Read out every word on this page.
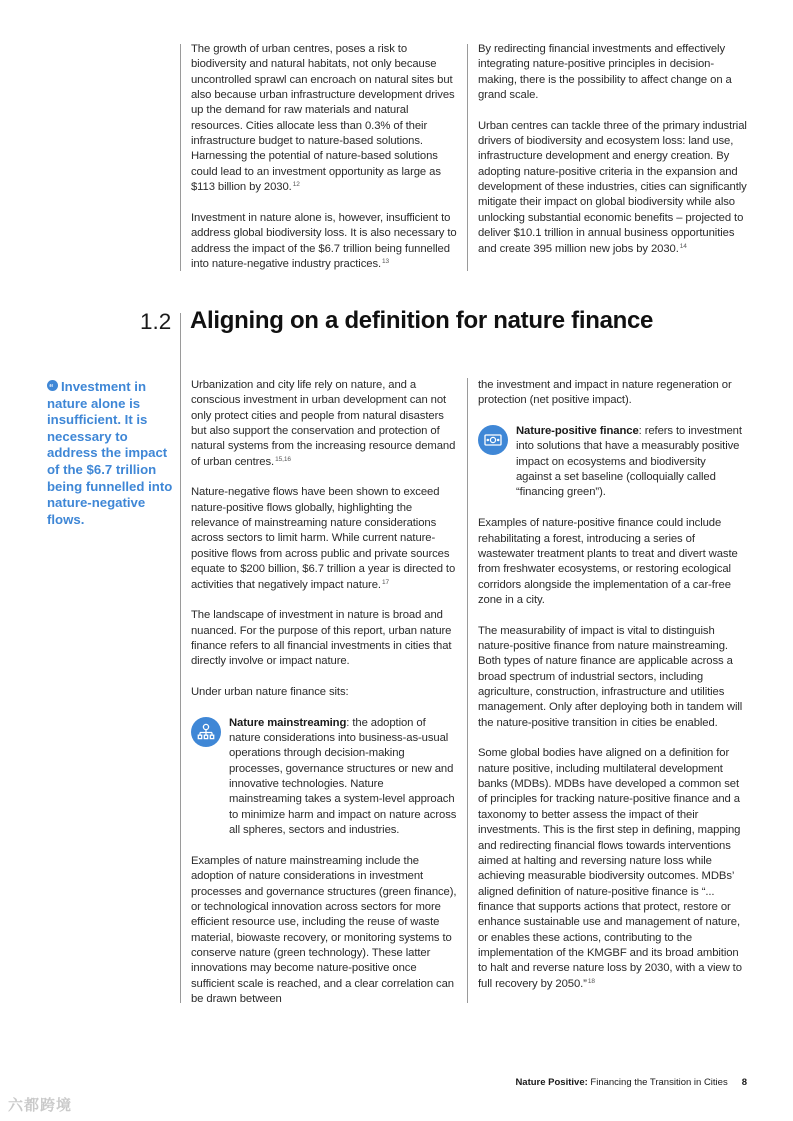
The growth of urban centres, poses a risk to biodiversity and natural habitats, not only because uncontrolled sprawl can encroach on natural sites but also because urban infrastructure development drives up the demand for raw materials and natural resources. Cities allocate less than 0.3% of their infrastructure budget to nature-based solutions. Harnessing the potential of nature-based solutions could lead to an investment opportunity as large as $113 billion by 2030.12

Investment in nature alone is, however, insufficient to address global biodiversity loss. It is also necessary to address the impact of the $6.7 trillion being funnelled into nature-negative industry practices.$^{13}$

By redirecting financial investments and effectively integrating nature-positive principles in decision-making, there is the possibility to affect change on a grand scale.

Urban centres can tackle three of the primary industrial drivers of biodiversity and ecosystem loss: land use, infrastructure development and energy creation. By adopting nature-positive criteria in the expansion and development of these industries, cities can significantly mitigate their impact on global biodiversity while also unlocking substantial economic benefits – projected to deliver $10.1 trillion in annual business opportunities and create 395 million new jobs by 2030.14

1.2 Aligning on a definition for nature finance
“ Investment in nature alone is insufficient. It is necessary to address the impact of the $6.7 trillion being funnelled into nature-negative flows.

Urbanization and city life rely on nature, and a conscious investment in urban development can not only protect cities and people from natural disasters but also support the conservation and protection of natural systems from the increasing resource demand of urban centres.$^{15,16}$

Nature-negative flows have been shown to exceed nature-positive flows globally, highlighting the relevance of mainstreaming nature considerations across sectors to limit harm. While current nature-positive flows from across public and private sources equate to $200 billion, $6.7 trillion a year is directed to activities that negatively impact nature.$^{17}$

The landscape of investment in nature is broad and nuanced. For the purpose of this report, urban nature finance refers to all financial investments in cities that directly involve or impact nature.

Under urban nature finance sits:

Nature mainstreaming: the adoption of nature considerations into business-as-usual operations through decision-making processes, governance structures or new and innovative technologies. Nature mainstreaming takes a system-level approach to minimize harm and impact on nature across all spheres, sectors and industries.

Examples of nature mainstreaming include the adoption of nature considerations in investment processes and governance structures (green finance), or technological innovation across sectors for more efficient resource use, including the reuse of waste material, biowaste recovery, or monitoring systems to conserve nature (green technology). These latter innovations may become nature-positive once sufficient scale is reached, and a clear correlation can be drawn between

the investment and impact in nature regeneration or protection (net positive impact).

Nature-positive finance: refers to investment into solutions that have a measurably positive impact on ecosystems and biodiversity against a set baseline (colloquially called “financing green”).

Examples of nature-positive finance could include rehabilitating a forest, introducing a series of wastewater treatment plants to treat and divert waste from freshwater ecosystems, or restoring ecological corridors alongside the implementation of a car-free zone in a city.

The measurability of impact is vital to distinguish nature-positive finance from nature mainstreaming. Both types of nature finance are applicable across a broad spectrum of industrial sectors, including agriculture, construction, infrastructure and utilities management. Only after deploying both in tandem will the nature-positive transition in cities be enabled.

Some global bodies have aligned on a definition for nature positive, including multilateral development banks (MDBs). MDBs have developed a common set of principles for tracking nature-positive finance and a taxonomy to better assess the impact of their investments. This is the first step in defining, mapping and redirecting financial flows towards interventions aimed at halting and reversing nature loss while achieving measurable biodiversity outcomes. MDBs’ aligned definition of nature-positive finance is “... finance that supports actions that protect, restore or enhance sustainable use and management of nature, or enables these actions, contributing to the implementation of the KMGBF and its broad ambition to halt and reverse nature loss by 2030, with a view to full recovery by 2050.”$^{18}$

Nature Positive: Financing the Transition in Cities 8
六都跨境
